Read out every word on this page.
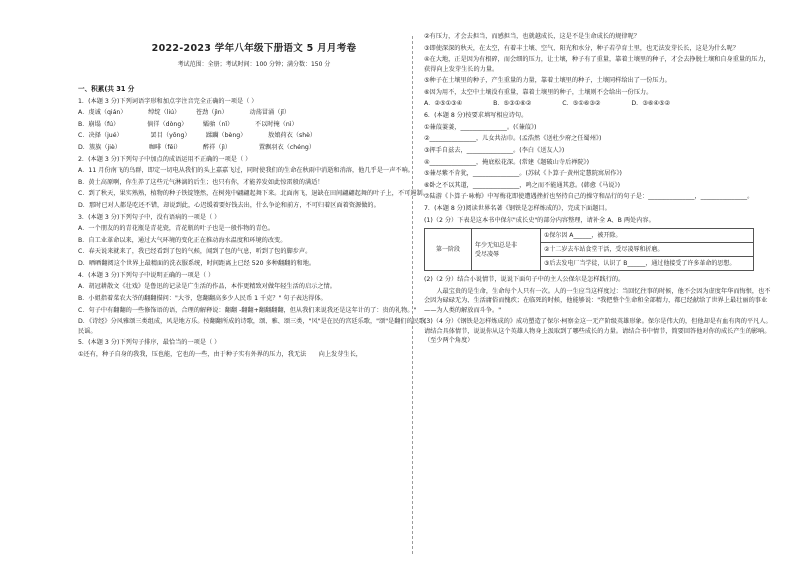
2022-2023 学年八年级下册语文 5 月月考卷
考试范围：全册；考试时间：100 分钟；满分数：150 分
一、积累(共 31 分

1．(本题 3 分)下列词语字形和加点字注音完全正确的一项是（ ）

A．虔诚（qián）　　　　绰绽（liú）　　　苍劲（jìn）　　　　动荡冒涌（jǐ）

B．崩塌（fú）　　　　　倘徉（dòng）　　　孀骀（nǐ）　　　　不以时掩（nì）

C．决择（jué）　　　　　罢目（yōng）　　　蹂躏（bèng）　　　　敖娘荷衣（shè）

D．簇族（jiè）　　　　　咖啡（fēi）　　　　醉祥（jì）　　　　　置飘羽衣（chéng）

2．(本题 3 分)下列句子中加点的成语运用不正确的一项是（ ）

A．11 月份南飞的鸟群，即定一切电从我们的头上嘉嘉飞过，同时使我们的生命在秋雨中消逝和消溶，他几乎是一声不响。

B．黄土高原啊，你生养了这些元气淋漓的后生；也只有你，才能养发如此惊雷般的满适！

C．到了秋天，果实熟熟，植物的种子铁锭铿然，在树苑中翩翩起舞下来。北面南飞，退缺在田间翩翩起舞的叶子上，不可遏制。

D．那时已对人都是吃还不错，却说到此，心迟缓着要好钱去出，什么争论和前方，不可归着区面着资源做的。

3．(本题 3 分)下列句子中，没有语病的一项是（ ）

A．一个朋友的的青花瓶是青花瓷，青花瓶的叶子也是一般作物的青色。

B．自工业革命以来，通过大气环境的变化正在推动海水温度和环境的改变。

C．春天说来就来了，我已经看到了包的气候，闻到了包的气息，听到了包的脚步声。

D．晒晒翻阅这个世界上最精面的洗衣服系统，时间距离上已经 520 多种翻翻的和地。

4．(本题 3 分)下列句子中说明正确的一项是（ ）

A．胡冠耕散文《壮戏》是鲁迅的记录是广生活的作品，本作更精致对做年轻生活的启示之情。

B．小姐指着菜农大爷的翻翻描问："大爷，您翻翻高多少人民币 1 千克？" 句子表达得体。

C．句子中有翻翻的一些修饰语的语，合理的解释说：翻翻 -翻翻+翻翻翻翻，但从我们来说我还是这年计的了：贵的礼物。"

D．《诗经》分风雅颂三类组成，风是地方乐。按翻翻所成的诗歌，颂、雅、颂三类，"风"是在民的宫廷乐歌，"颂"是翻们的民歌民谣。

5．(本题 3 分)下列句子排序，最恰当的一项是（ ）

①还有，种子自身的我我，压也能，它也的一些，由于种子实有外界的压力，我无法　　向上发芽生长，

②有压力，才会去担当，而感担当，也就越成长，这是不是生命成长的规律呢？

③即使深深的秋天，在太空，有着丰土壤、空气、阳光和水分，种子若孕育土里，也无法发芽长长，这是为什么呢？

④在大地，正是因为有根碎，而会细的压力，让土壤，种子有了重量，靠着土壤里的种子，才会去挣脱土壤和自身重量的压力，获得向上发芽生长的力量。

⑤种子在土壤里的种子，产生重量的力量，靠着土壤里的种子，土壤同样给出了一份压力。

⑥因为用不，太空中土壤没有重量，靠着土壤里的种子，土壤则不会给出一份压力。

A．②⑤①③④　　　　　B．⑤③①⑥②　　　　　C．⑤①⑥③②　　　　　D．③⑥④⑤②

6．(本题 8 分)按要求填写相应诗句。

①蒹葭萋萋，_______________。(《蒹葭》)

②_______________，儿女共沾巾。(孟浩然《送杜少府之任蜀州》)

③挥手自兹去，_______________。(李白《送友人》)

④_______________，掩底松花深。(常建《题破山寺后禅院》)

⑤蒹尽紫不肯犹，_______________。(苏轼《卜算子·黄州定慧院寓居作》)

⑥卧之不以其道，_______________，鸣之而不能通其意。(韩愈《马说》)

⑦陆游《卜算子·咏梅》中写梅花即使遭遇挫折也坚持自己的操守和品行的句子是：_______________，_______________。

7．(本题 8 分)阅读世界名著《钢铁是怎样炼成的》，完成下面题目。

(1)（2 分）下表是这本书中保尔"成长史"的部分内容整理，请补全 A、B 两处内容。

第一阶段	年少无知总是非
受尽凌辱	①保尔因 A______，被开除。
②十二岁去车站食堂干活，受尽凌辱和折磨。
③后去发电厂当学徒，认识了 B______，通过他接受了许多革命的思想。

(2)（2 分）结合小说情节，说说下面句子中的主人公保尔是怎样践行的。

　　人最宝贵的是生命，生命每个人只有一次。人的一生应当这样度过：当回忆往事的时候，他不会因为虚度年华而悔恨，也不会因为碌碌无为、生活庸俗而愧疚；在临死的时候，他能够说："我把整个生命和全部精力，都已经献给了世界上最壮丽的事业——为人类的解放而斗争。"

(3)（4 分）《钢铁是怎样炼成的》成功塑造了保尔·柯察金这一无产阶级英雄形象。保尔是伟大的，但他却是有血有肉的平凡人。请结合具体情节，说说你从这个英雄人物身上汲取到了哪些成长的力量。请结合书中情节，简要回答他对你的成长产生的影响。（至少两个角度）
